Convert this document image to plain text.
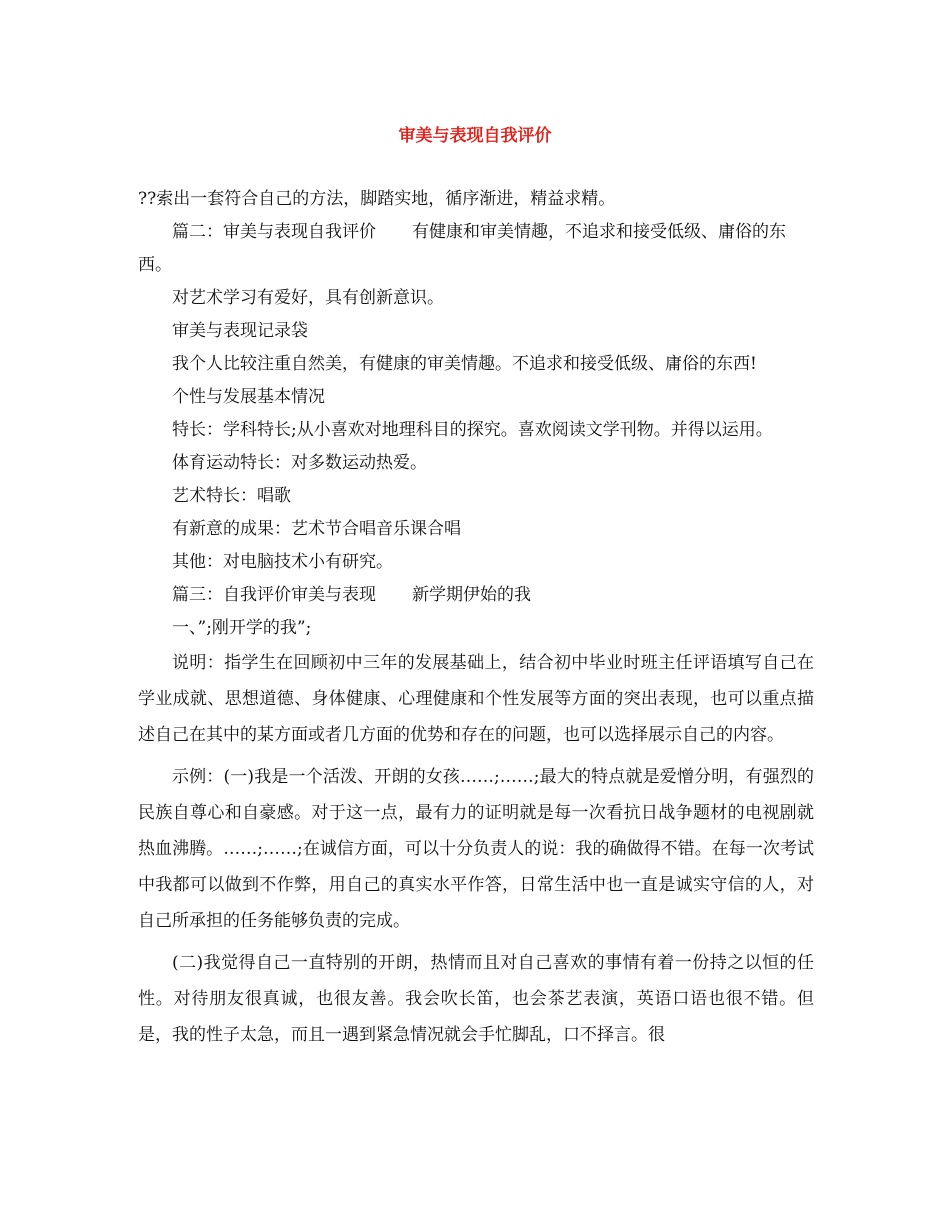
审美与表现自我评价

??索出一套符合自己的方法，脚踏实地，循序渐进，精益求精。

篇二：审美与表现自我评价 有健康和审美情趣，不追求和接受低级、庸俗的东西。

对艺术学习有爱好，具有创新意识。

审美与表现记录袋

我个人比较注重自然美，有健康的审美情趣。不追求和接受低级、庸俗的东西!

个性与发展基本情况

特长：学科特长;从小喜欢对地理科目的探究。喜欢阅读文学刊物。并得以运用。

体育运动特长：对多数运动热爱。

艺术特长：唱歌

有新意的成果：艺术节合唱音乐课合唱

其他：对电脑技术小有研究。

篇三：自我评价审美与表现 新学期伊始的我

一、”;刚开学的我”;

说明：指学生在回顾初中三年的发展基础上，结合初中毕业时班主任评语填写自己在学业成就、思想道德、身体健康、心理健康和个性发展等方面的突出表现，也可以重点描述自己在其中的某方面或者几方面的优势和存在的问题，也可以选择展示自己的内容。

示例：(一)我是一个活泼、开朗的女孩……;……;最大的特点就是爱憎分明，有强烈的民族自尊心和自豪感。对于这一点，最有力的证明就是每一次看抗日战争题材的电视剧就热血沸腾。……;……;在诚信方面，可以十分负责人的说：我的确做得不错。在每一次考试中我都可以做到不作弊，用自己的真实水平作答，日常生活中也一直是诚实守信的人，对自己所承担的任务能够负责的完成。

(二)我觉得自己一直特别的开朗，热情而且对自己喜欢的事情有着一份持之以恒的任性。对待朋友很真诚，也很友善。我会吹长笛，也会茶艺表演，英语口语也很不错。但是，我的性子太急，而且一遇到紧急情况就会手忙脚乱，口不择言。很
